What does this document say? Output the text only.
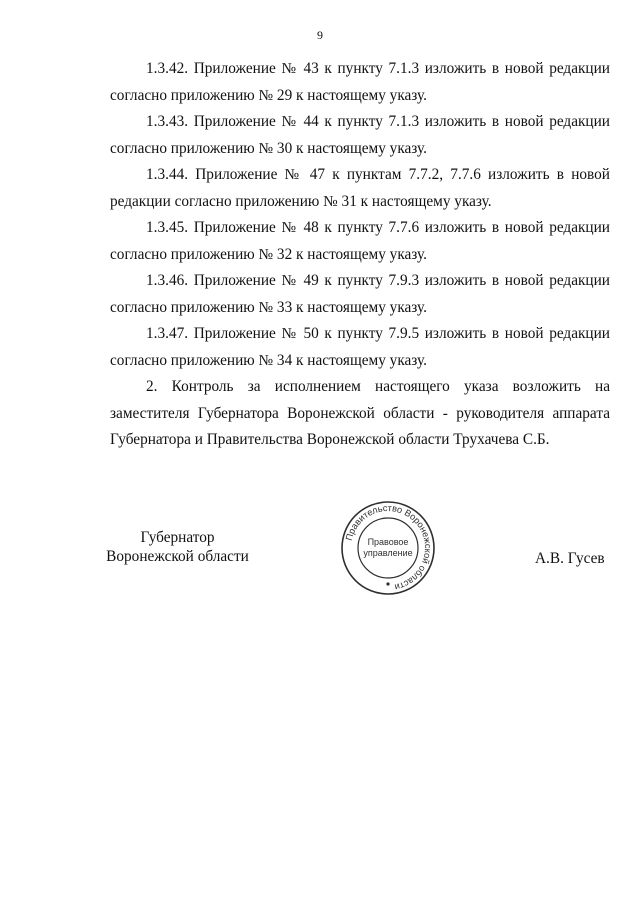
9

1.3.42. Приложение № 43 к пункту 7.1.3 изложить в новой редакции согласно приложению № 29 к настоящему указу.

1.3.43. Приложение № 44 к пункту 7.1.3 изложить в новой редакции согласно приложению № 30 к настоящему указу.

1.3.44. Приложение № 47 к пунктам 7.7.2, 7.7.6 изложить в новой редакции согласно приложению № 31 к настоящему указу.

1.3.45. Приложение № 48 к пункту 7.7.6 изложить в новой редакции согласно приложению № 32 к настоящему указу.

1.3.46. Приложение № 49 к пункту 7.9.3 изложить в новой редакции согласно приложению № 33 к настоящему указу.

1.3.47. Приложение № 50 к пункту 7.9.5 изложить в новой редакции согласно приложению № 34 к настоящему указу.

2. Контроль за исполнением настоящего указа возложить на заместителя Губернатора Воронежской области - руководителя аппарата Губернатора и Правительства Воронежской области Трухачева С.Б.

Губернатор
Воронежской области
Правительство Воронежской области
Правовое
управление	А.В. Гусев
